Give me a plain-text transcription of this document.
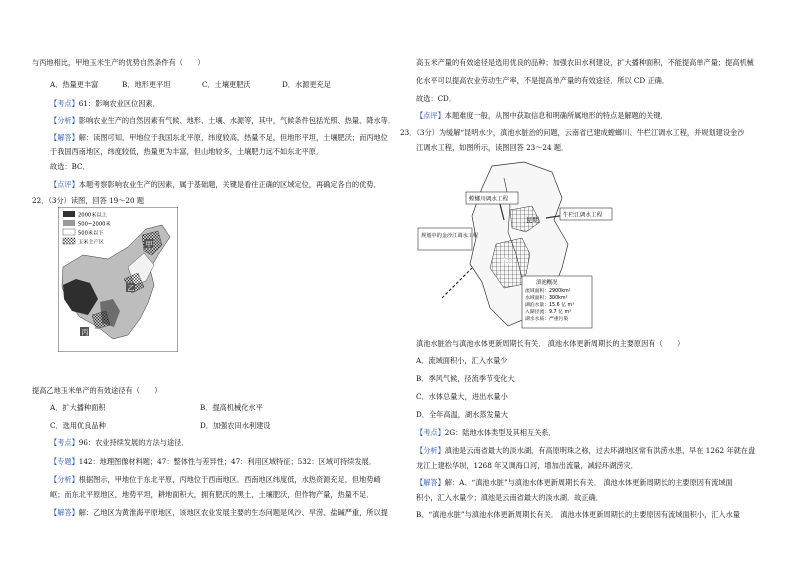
与丙地相比，甲地玉米生产的优势自然条件有（　　）
A．热量更丰富	B．地形更平坦	C．土壤更肥沃	D．水源更充足
【考点】61：影响农业区位因素．
【分析】影响农业生产的自然因素有气候、地形、土壤、水源等，其中，气候条件包括光照、热量、降水等．
【解答】解：读图可知，甲地位于我国东北平原，纬度较高，热量不足，但地形平坦，土壤肥沃；而丙地位
于我国西南地区，纬度较低，热量更为丰富，但山地较多，土壤肥力远不如东北平原．
故选：BC．
【点评】本题考察影响农业生产的因素，属于基础题，关键是看往正确的区域定位，再确定各自的优势．
22．（3分）读图，回答 19～20 题
2000米以上
500~2000米
500米以下
玉米主产区	甲
乙
丙
提高乙地玉米单产的有效途径有（　　）
A．扩大播种面积	B．提高机械化水平
C．选用优良品种	D．加强农田水利建设
【考点】96：农业持续发展的方法与途径．
【专题】142：地理图像材料题；47：整体性与差异性；47：利用区域特征；532：区域可持续发展．
【分析】根据图示，甲地位于东北平原，丙地位于西南地区．西南地区纬度低，水热资源充足，但地势崎
岖；而东北平原地区，地势平坦，耕地面积大，拥有肥沃的黑土，土壤肥沃，但作物产量，热量不足．
【解答】解：乙地区为黄淮海平原地区，该地区农业发展主要的生态问题是风沙、旱涝、盐碱严重，所以提
高玉米产量的有效途径是选用优良的品种；加强农田水利建设，扩大播种面积，不能提高单产量；提高机械
化水平可以提高农业劳动生产率，不是提高单产量的有效途径．所以 CD 正确．
故选：CD．
【点评】本题难度一般，从图中获取信息和明确所属地形的特点是解题的关键．
23．（3分）为缓解“昆明水少，滇池水脏治的问题，云南省已建成螳螂川、牛栏江调水工程，并规划建设金沙
江调水工程，如图所示，读图回答 23～24 题．
螳螂川调水工程
牛栏江调水工程
规划中的金沙江调水工程
昆明
滇池
滇池概况
流域面积：2900km²
水域面积：300km²
湖泊水量：15.6 亿 m³
入湖径流：9.7 亿 m³
湖水水质：严重污染
滇池水脏治与滇池水体更新周期长有关． 滇池水体更新周期长的主要原因有（　　）
A．流域面积小，汇入水量少
B．季风气候，径流季节变化大
C．水体总量大，进出水量小
D．全年高温，湖水蒸发量大
【考点】2G：陆地水体类型及其相互关系．
【分析】滇池是云南省最大的淡水湖，有高原明珠之称，过去环湖地区常有洪涝水患，早在 1262 年就在盘
龙江上建松华坝，1268 年又调海口河，增加出流量，减轻环湖涝灾．
【解答】解：A、“滇池水脏”与滇池水体更新周期长有关． 滇池水体更新周期长的主要原因有流域面
积小，汇入水量少；滇池是云南省最大的淡水湖．故正确．
B、“滇池水脏”与滇池水体更新周期长有关． 滇池水体更新周期长的主要原因有流域面积小，汇入水量
